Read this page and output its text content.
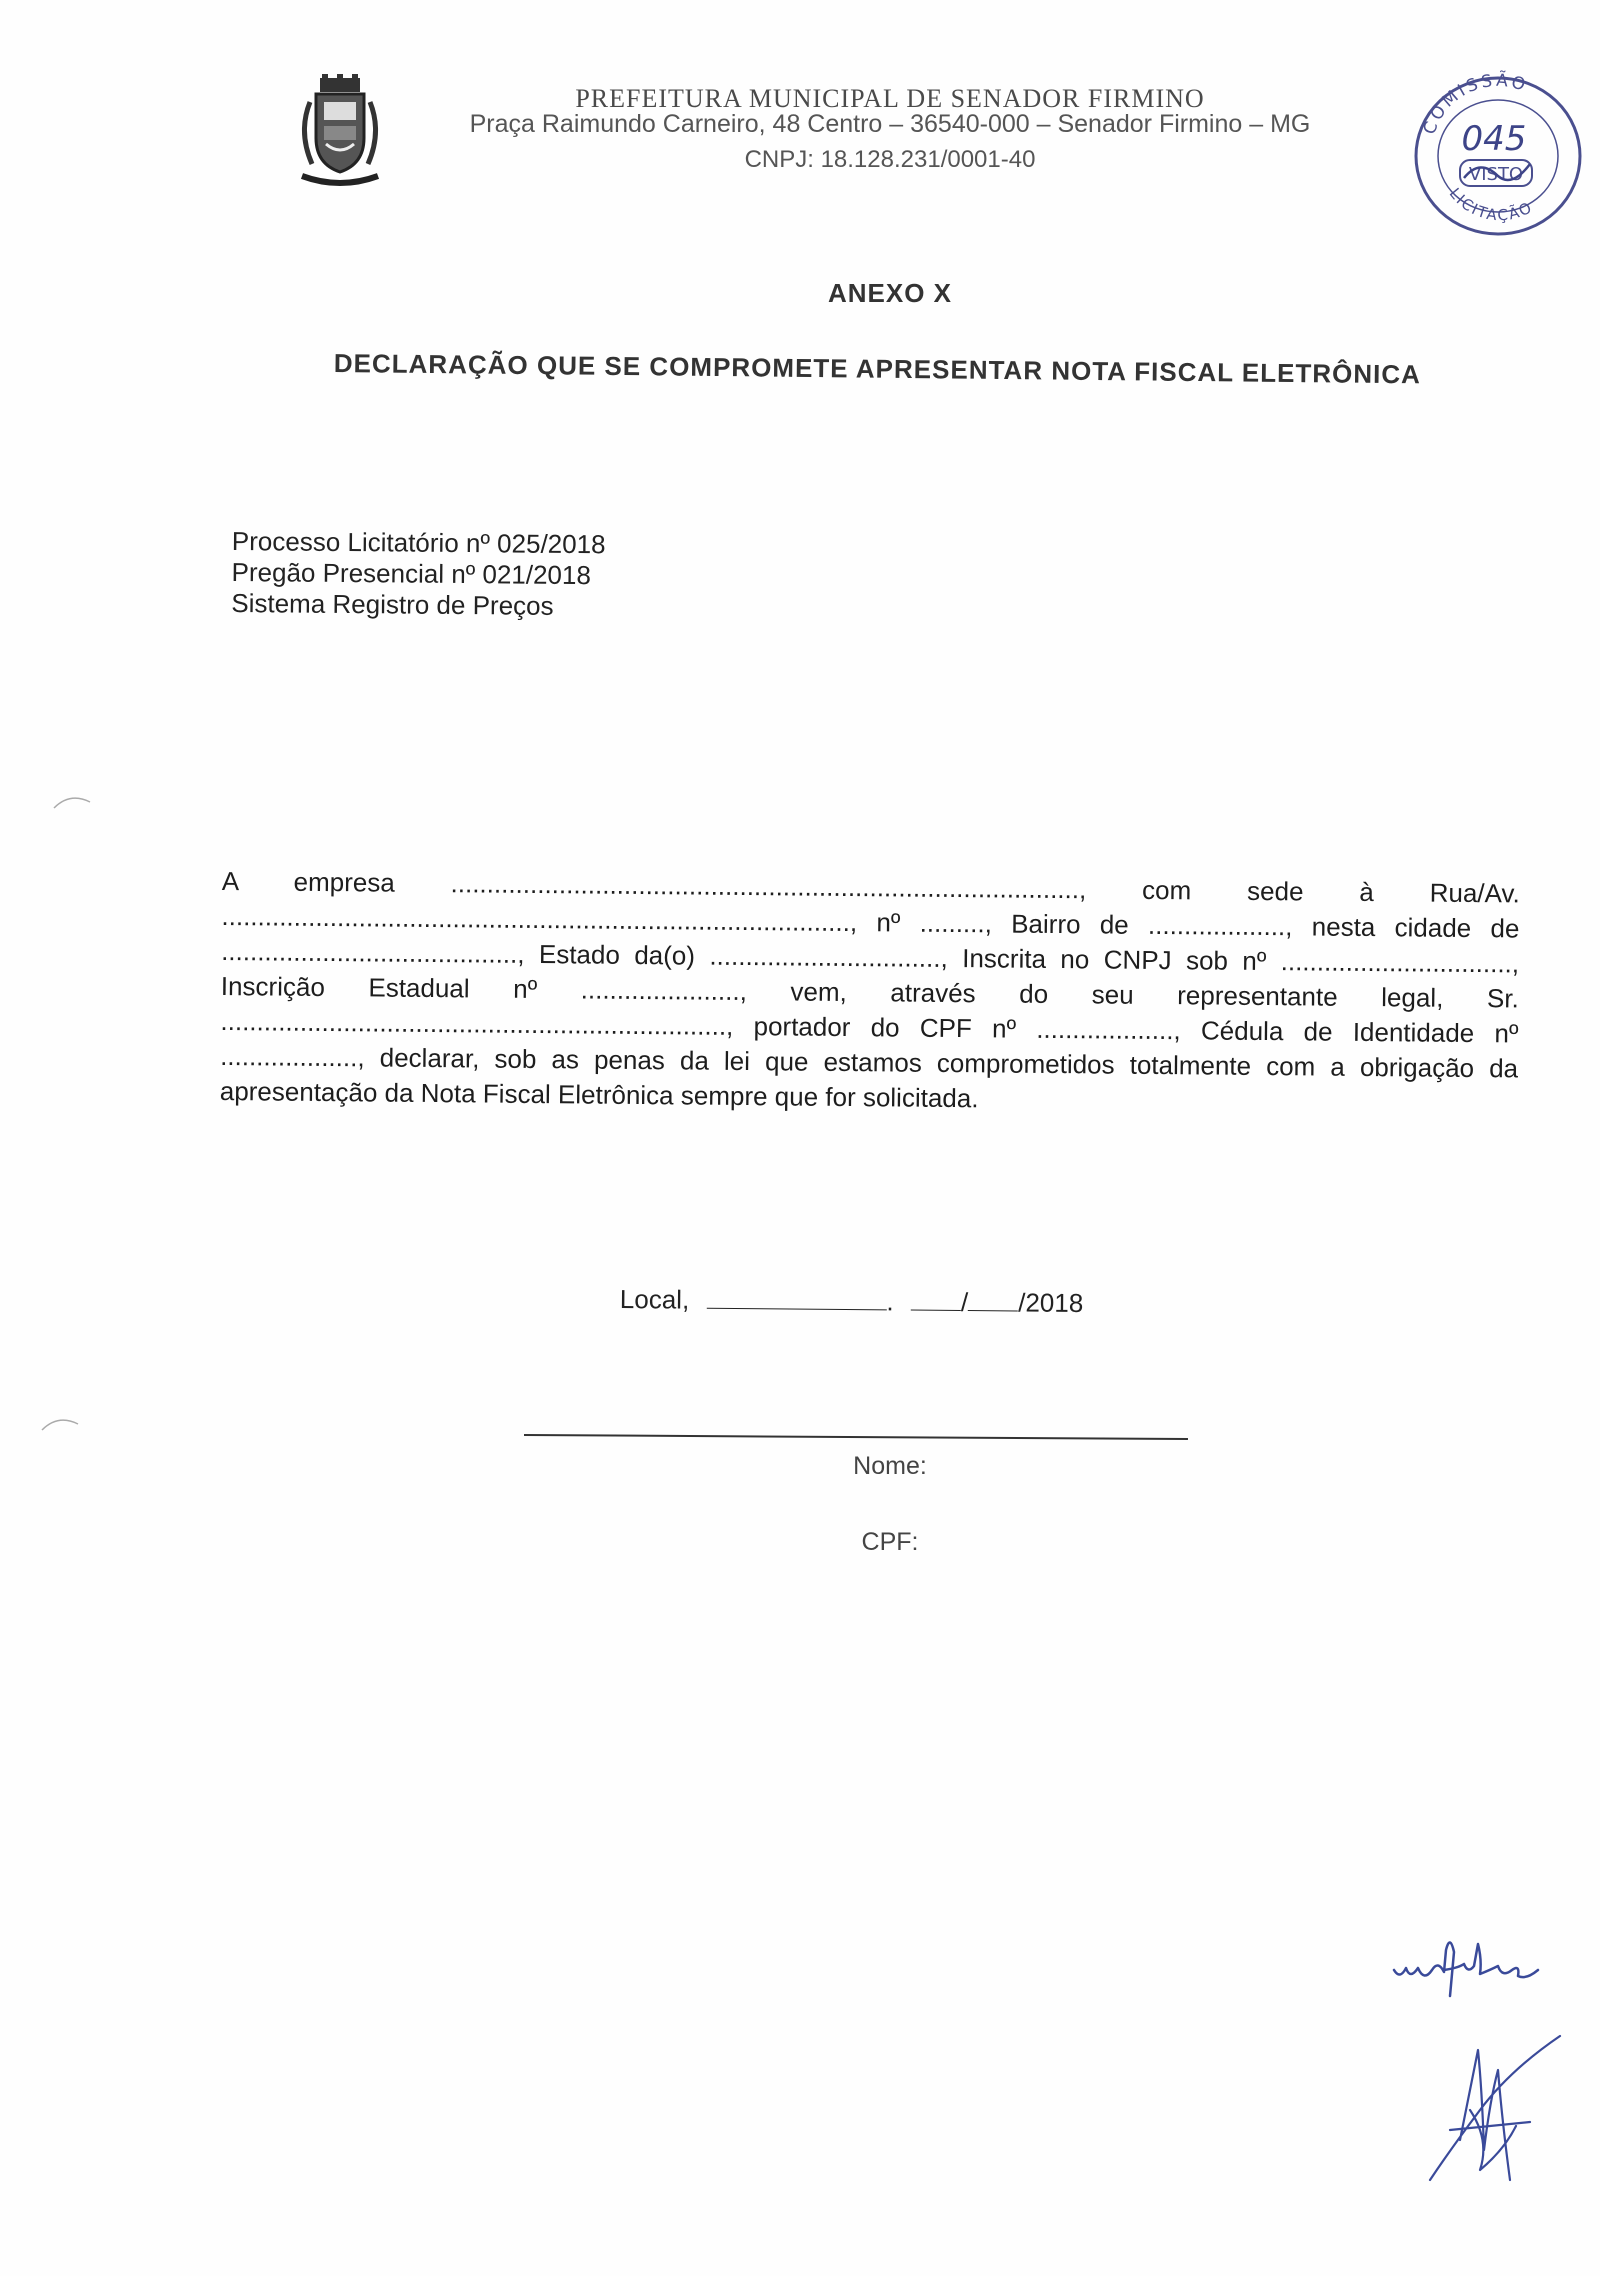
PREFEITURA MUNICIPAL DE SENADOR FIRMINO
Praça Raimundo Carneiro, 48 Centro – 36540-000 – Senador Firmino – MG
CNPJ: 18.128.231/0001-40
COMISSÃO
LICITAÇÃO
045
VISTO
ANEXO X
DECLARAÇÃO QUE SE COMPROMETE APRESENTAR NOTA FISCAL ELETRÔNICA
Processo Licitatório nº 025/2018
Pregão Presencial nº 021/2018
Sistema Registro de Preços
A empresa ......................................................................................., com sede à Rua/Av. ......................................................................................., nº ........., Bairro de ..................., nesta cidade de ........................................., Estado da(o) ................................, Inscrita no CNPJ sob nº ................................, Inscrição Estadual nº ......................, vem, através do seu representante legal, Sr. ......................................................................, portador do CPF nº ..................., Cédula de Identidade nº ..................., declarar, sob as penas da lei que estamos comprometidos totalmente com a obrigação da apresentação da Nota Fiscal Eletrônica sempre que for solicitada.
Local,	.	/ /2018
Nome:
CPF:
